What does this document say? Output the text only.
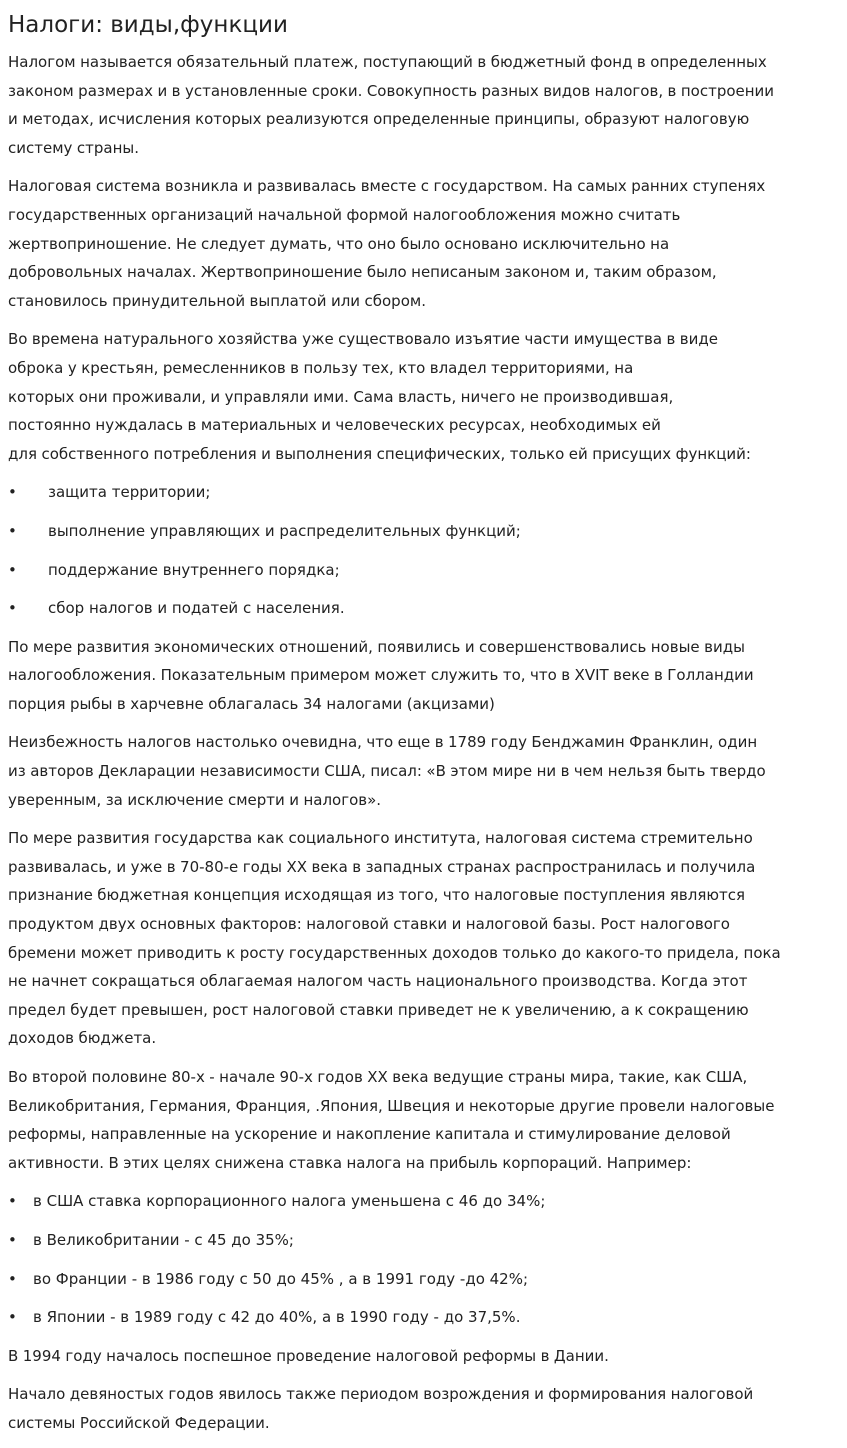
Налоги: виды,функции
Налогом называется обязательный платеж, поступающий в бюджетный фонд в определенных
законом размерах и в установленные сроки. Совокупность разных видов налогов, в построении
и методах, исчисления которых реализуются определенные принципы, образуют налоговую
систему страны.
Налоговая система возникла и развивалась вместе с государством. На самых ранних ступенях
государственных организаций начальной формой налогообложения можно считать
жертвоприношение. Не следует думать, что оно было основано исключительно на
добровольных началах. Жертвоприношение было неписаным законом и, таким образом,
становилось принудительной выплатой или сбором.
Во времена натурального хозяйства уже существовало изъятие части имущества в виде
оброка у крестьян, ремесленников в пользу тех, кто владел территориями, на
которых они проживали, и управляли ими. Сама власть, ничего не производившая,
постоянно нуждалась в материальных и человеческих ресурсах, необходимых ей
для собственного потребления и выполнения специфических, только ей присущих функций:
• защита территории;
• выполнение управляющих и распределительных функций;
• поддержание внутреннего порядка;
• сбор налогов и податей с населения.
По мере развития экономических отношений, появились и совершенствовались новые виды
налогообложения. Показательным примером может служить то, что в XVIT веке в Голландии
порция рыбы в харчевне облагалась 34 налогами (акцизами)
Неизбежность налогов настолько очевидна, что еще в 1789 году Бенджамин Франклин, один
из авторов Декларации независимости США, писал: «В этом мире ни в чем нельзя быть твердо
уверенным, за исключение смерти и налогов».
По мере развития государства как социального института, налоговая система стремительно
развивалась, и уже в 70-80-е годы XX века в западных странах распространилась и получила
признание бюджетная концепция исходящая из того, что налоговые поступления являются
продуктом двух основных факторов: налоговой ставки и налоговой базы. Рост налогового
бремени может приводить к росту государственных доходов только до какого-то придела, пока
не начнет сокращаться облагаемая налогом часть национального производства. Когда этот
предел будет превышен, рост налоговой ставки приведет не к увеличению, а к сокращению
доходов бюджета.
Во второй половине 80-х - начале 90-х годов XX века ведущие страны мира, такие, как США,
Великобритания, Германия, Франция, .Япония, Швеция и некоторые другие провели налоговые
реформы, направленные на ускорение и накопление капитала и стимулирование деловой
активности. В этих целях снижена ставка налога на прибыль корпораций. Например:
• в США ставка корпорационного налога уменьшена с 46 до 34%;
• в Великобритании - с 45 до 35%;
• во Франции - в 1986 году с 50 до 45% , а в 1991 году -до 42%;
• в Японии - в 1989 году с 42 до 40%, а в 1990 году - до 37,5%.
В 1994 году началось поспешное проведение налоговой реформы в Дании.
Начало девяностых годов явилось также периодом возрождения и формирования налоговой
системы Российской Федерации.
